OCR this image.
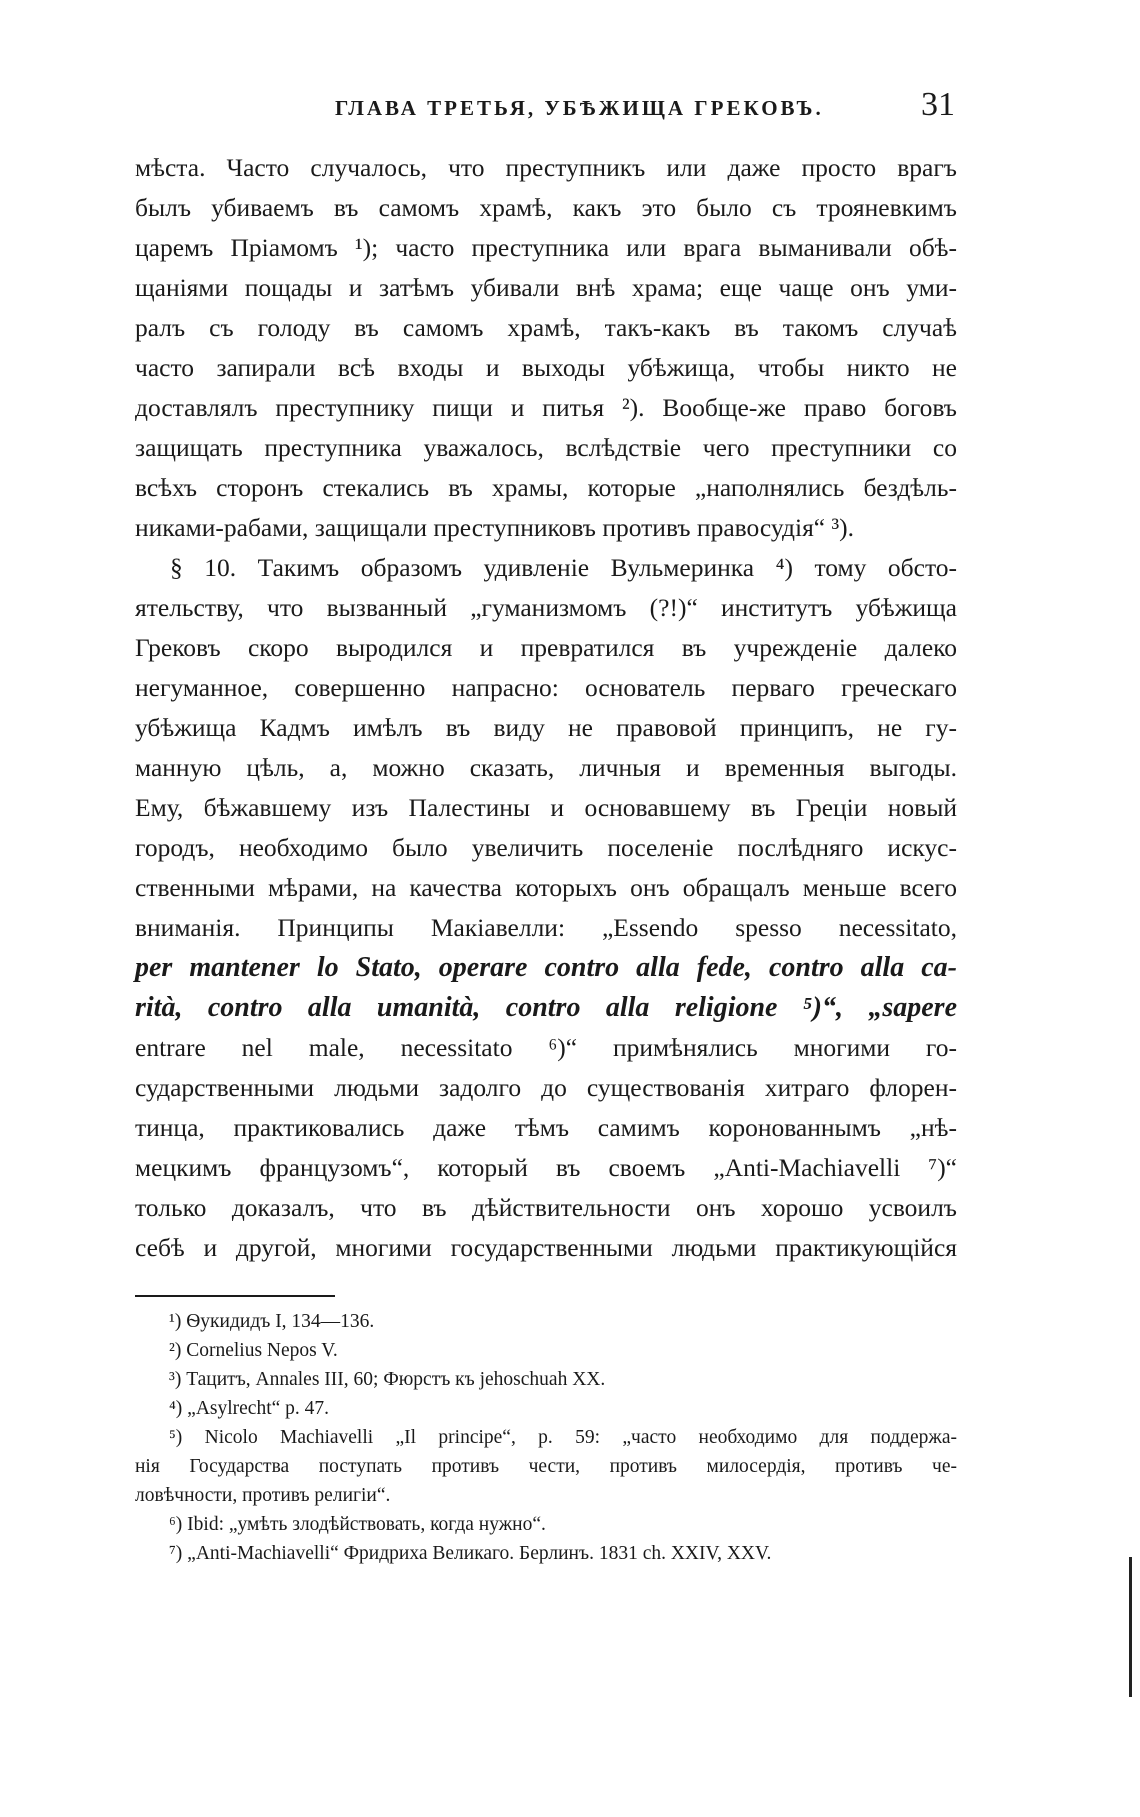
ГЛАВА ТРЕТЬЯ, УБѢЖИЩА ГРЕКОВЪ.	31
мѣста. Часто случалось, что преступникъ или даже просто врагъ
былъ убиваемъ въ самомъ храмѣ, какъ это было съ трояневкимъ
царемъ Пріамомъ ¹); часто преступника или врага выманивали обѣ-
щаніями пощады и затѣмъ убивали внѣ храма; еще чаще онъ уми-
ралъ съ голоду въ самомъ храмѣ, такъ-какъ въ такомъ случаѣ
часто запирали всѣ входы и выходы убѣжища, чтобы никто не
доставлялъ преступнику пищи и питья ²). Вообще-же право боговъ
защищать преступника уважалось, вслѣдствіе чего преступники со
всѣхъ сторонъ стекались въ храмы, которые „наполнялись бездѣль-
никами-рабами, защищали преступниковъ противъ правосудія“ ³).
§ 10. Такимъ образомъ удивленіе Вульмеринка ⁴) тому обсто-
ятельству, что вызванный „гуманизмомъ (?!)“ институтъ убѣжища
Грековъ скоро выродился и превратился въ учрежденіе далеко
негуманное, совершенно напрасно: основатель перваго греческаго
убѣжища Кадмъ имѣлъ въ виду не правовой принципъ, не гу-
манную цѣль, а, можно сказать, личныя и временныя выгоды.
Ему, бѣжавшему изъ Палестины и основавшему въ Греціи новый
городъ, необходимо было увеличить поселеніе послѣдняго искус-
ственными мѣрами, на качества которыхъ онъ обращалъ меньше всего
вниманія. Принципы Макіавелли: „Essendo spesso necessitato,
per mantener lo Stato, operare contro alla fede, contro alla ca-
rità, contro alla umanità, contro alla religione ⁵)“, „sapere
entrare nel male, necessitato ⁶)“ примѣнялись многими го-
сударственными людьми задолго до существованія хитраго флорен-
тинца, практиковались даже тѣмъ самимъ коронованнымъ „нѣ-
мецкимъ французомъ“, который въ своемъ „Anti-Machiavelli ⁷)“
только доказалъ, что въ дѣйствительности онъ хорошо усвоилъ
себѣ и другой, многими государственными людьми практикующійся
¹) Ѳукидидъ I, 134—136.
²) Cornelius Nepos V.
³) Тацитъ, Annales III, 60; Фюрстъ къ jehoschuah XX.
⁴) „Asylrecht“ p. 47.
⁵) Nicolo Machiavelli „Il principe“, p. 59: „часто необходимо для поддержа-
нія Государства поступать противъ чести, противъ милосердія, противъ че-
ловѣчности, противъ религіи“.
⁶) Ibid: „умѣть злодѣйствовать, когда нужно“.
⁷) „Anti-Machiavelli“ Фридриха Великаго. Берлинъ. 1831 ch. XXIV, XXV.
